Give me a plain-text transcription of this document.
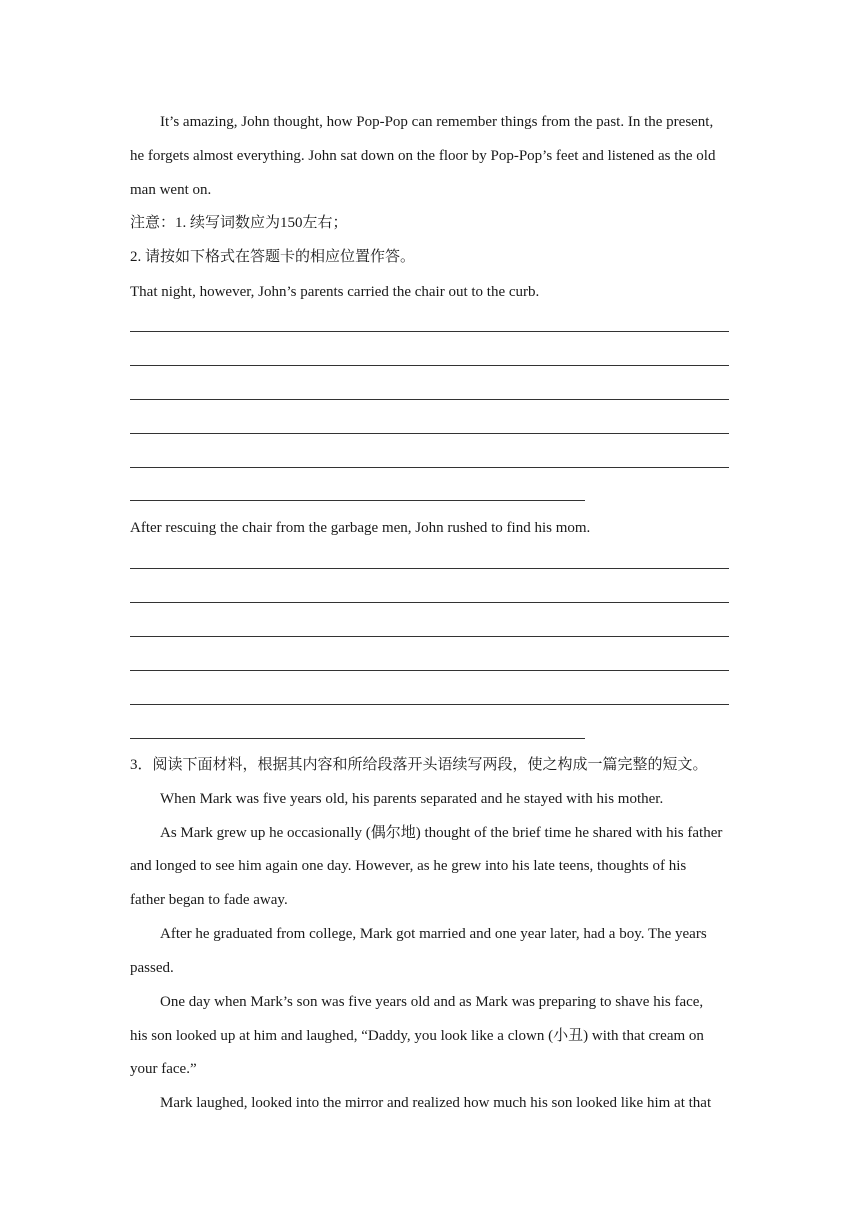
It’s amazing, John thought, how Pop-Pop can remember things from the past. In the present,
he forgets almost everything. John sat down on the floor by Pop-Pop’s feet and listened as the old
man went on.
注意：1. 续写词数应为150左右；
2. 请按如下格式在答题卡的相应位置作答。
That night, however, John’s parents carried the chair out to the curb.
After rescuing the chair from the garbage men, John rushed to find his mom.
3．阅读下面材料，根据其内容和所给段落开头语续写两段，使之构成一篇完整的短文。
When Mark was five years old, his parents separated and he stayed with his mother.
As Mark grew up he occasionally (偶尔地) thought of the brief time he shared with his father
and longed to see him again one day. However, as he grew into his late teens, thoughts of his
father began to fade away.
After he graduated from college, Mark got married and one year later, had a boy. The years
passed.
One day when Mark’s son was five years old and as Mark was preparing to shave his face,
his son looked up at him and laughed, “Daddy, you look like a clown (小丑) with that cream on
your face.”
Mark laughed, looked into the mirror and realized how much his son looked like him at that
